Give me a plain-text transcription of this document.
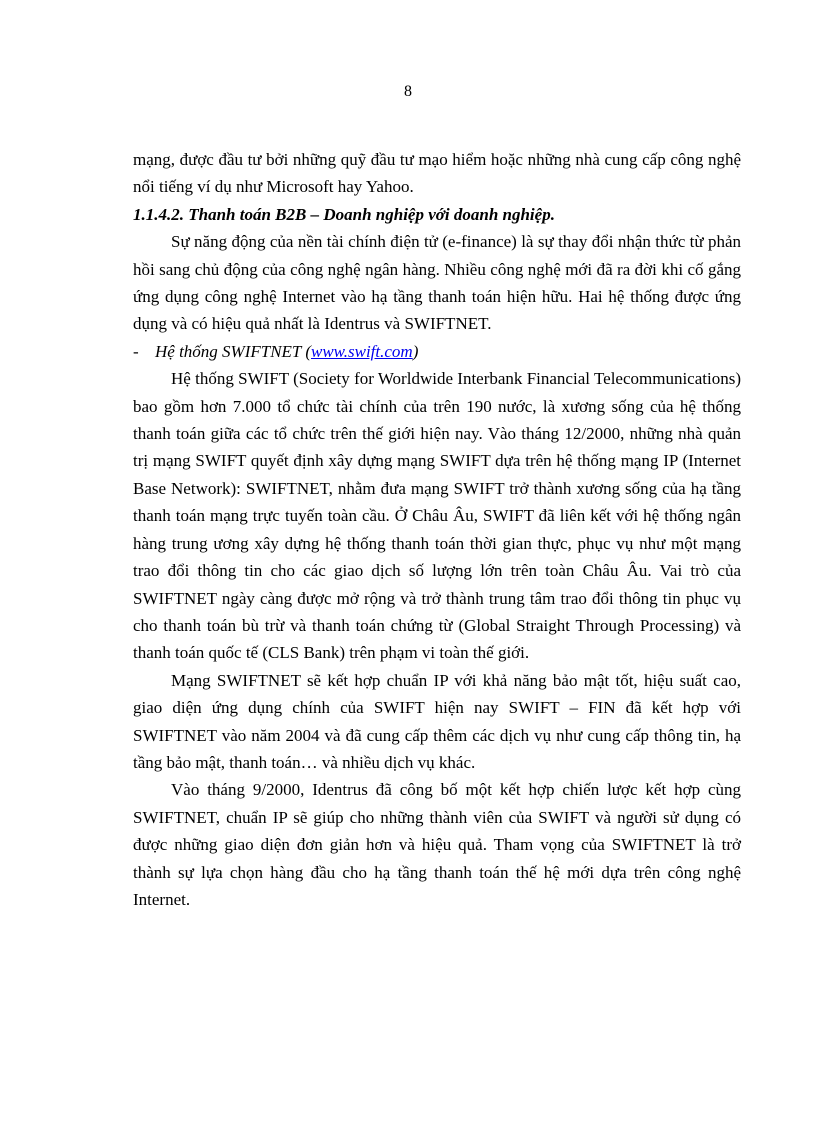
8

mạng, được đầu tư bởi những quỹ đầu tư mạo hiểm hoặc những nhà cung cấp công nghệ nổi tiếng ví dụ như Microsoft hay Yahoo.

1.1.4.2. Thanh toán B2B – Doanh nghiệp với doanh nghiệp.

Sự năng động của nền tài chính điện tử (e-finance) là sự thay đổi nhận thức từ phản hồi sang chủ động của công nghệ ngân hàng. Nhiều công nghệ mới đã ra đời khi cố gắng ứng dụng công nghệ Internet vào hạ tầng thanh toán hiện hữu. Hai hệ thống được ứng dụng và có hiệu quả nhất là Identrus và SWIFTNET.

- Hệ thống SWIFTNET (www.swift.com)

Hệ thống SWIFT (Society for Worldwide Interbank Financial Telecommunications) bao gồm hơn 7.000 tổ chức tài chính của trên 190 nước, là xương sống của hệ thống thanh toán giữa các tổ chức trên thế giới hiện nay. Vào tháng 12/2000, những nhà quản trị mạng SWIFT quyết định xây dựng mạng SWIFT dựa trên hệ thống mạng IP (Internet Base Network): SWIFTNET, nhằm đưa mạng SWIFT trở thành xương sống của hạ tầng thanh toán mạng trực tuyến toàn cầu. Ở Châu Âu, SWIFT đã liên kết với hệ thống ngân hàng trung ương xây dựng hệ thống thanh toán thời gian thực, phục vụ như một mạng trao đổi thông tin cho các giao dịch số lượng lớn trên toàn Châu Âu. Vai trò của SWIFTNET ngày càng được mở rộng và trở thành trung tâm trao đổi thông tin phục vụ cho thanh toán bù trừ và thanh toán chứng từ (Global Straight Through Processing) và thanh toán quốc tế (CLS Bank) trên phạm vi toàn thế giới.

Mạng SWIFTNET sẽ kết hợp chuẩn IP với khả năng bảo mật tốt, hiệu suất cao, giao diện ứng dụng chính của SWIFT hiện nay SWIFT – FIN đã kết hợp với SWIFTNET vào năm 2004 và đã cung cấp thêm các dịch vụ như cung cấp thông tin, hạ tầng bảo mật, thanh toán… và nhiều dịch vụ khác.

Vào tháng 9/2000, Identrus đã công bố một kết hợp chiến lược kết hợp cùng SWIFTNET, chuẩn IP sẽ giúp cho những thành viên của SWIFT và người sử dụng có được những giao diện đơn giản hơn và hiệu quả. Tham vọng của SWIFTNET là trở thành sự lựa chọn hàng đầu cho hạ tầng thanh toán thế hệ mới dựa trên công nghệ Internet.
